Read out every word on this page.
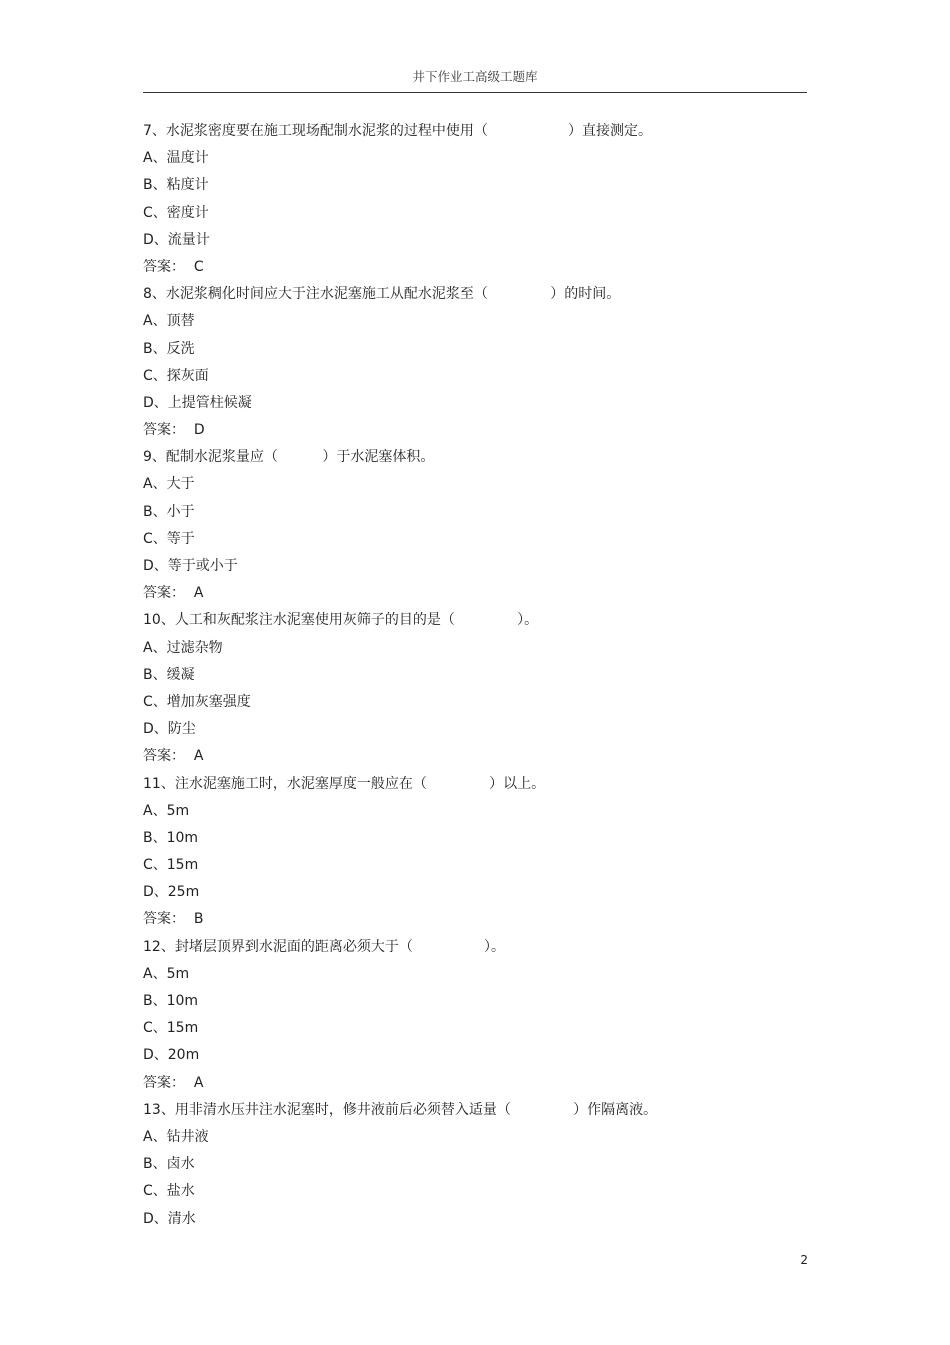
井下作业工高级工题库
7、水泥浆密度要在施工现场配制水泥浆的过程中使用（                  ）直接测定。
A、温度计
B、粘度计
C、密度计
D、流量计
答案：  C
8、水泥浆稠化时间应大于注水泥塞施工从配水泥浆至（              ）的时间。
A、顶替
B、反洗
C、探灰面
D、上提管柱候凝
答案：  D
9、配制水泥浆量应（          ）于水泥塞体积。
A、大于
B、小于
C、等于
D、等于或小于
答案：  A
10、人工和灰配浆注水泥塞使用灰筛子的目的是（              ）。
A、过滤杂物
B、缓凝
C、增加灰塞强度
D、防尘
答案：  A
11、注水泥塞施工时，水泥塞厚度一般应在（              ）以上。
A、5m
B、10m
C、15m
D、25m
答案：  B
12、封堵层顶界到水泥面的距离必须大于（                ）。
A、5m
B、10m
C、15m
D、20m
答案：  A
13、用非清水压井注水泥塞时，修井液前后必须替入适量（              ）作隔离液。
A、钻井液
B、卤水
C、盐水
D、清水
2
